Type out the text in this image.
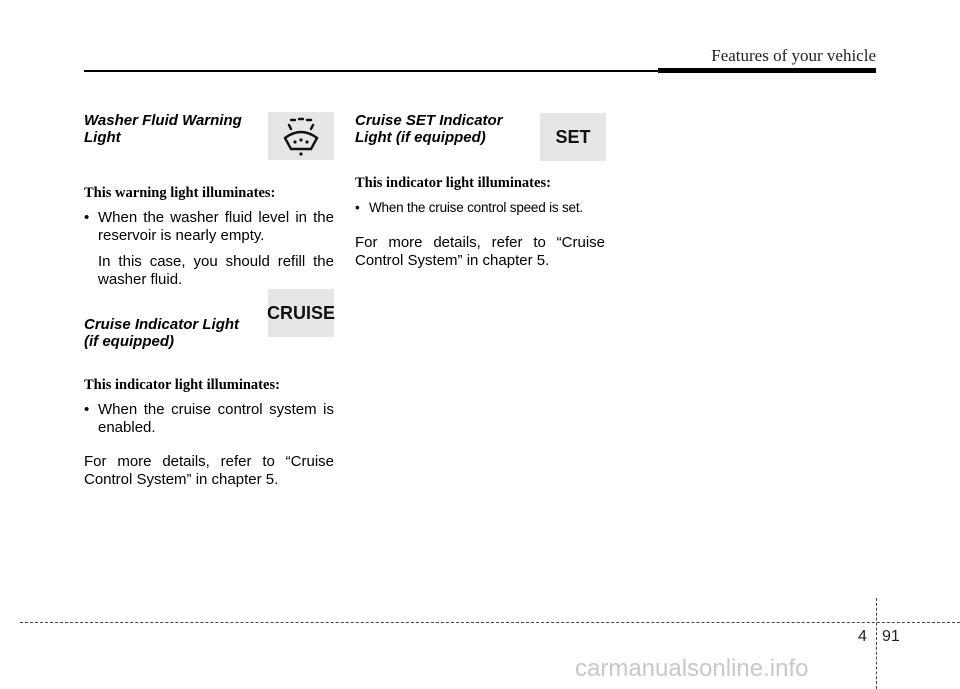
Features of your vehicle
Washer Fluid Warning Light

This warning light illuminates:

• When the washer fluid level in the reservoir is nearly empty.
In this case, you should refill the washer fluid.
Cruise Indicator Light
(if equipped)

This indicator light illuminates:

• When the cruise control system is enabled.

For more details, refer to “Cruise Control System” in chapter 5.

CRUISE
Cruise SET Indicator
Light (if equipped)

This indicator light illuminates:

• When the cruise control speed is set.

For more details, refer to “Cruise Control System” in chapter 5.

SET
4 91
carmanualsonline.info
